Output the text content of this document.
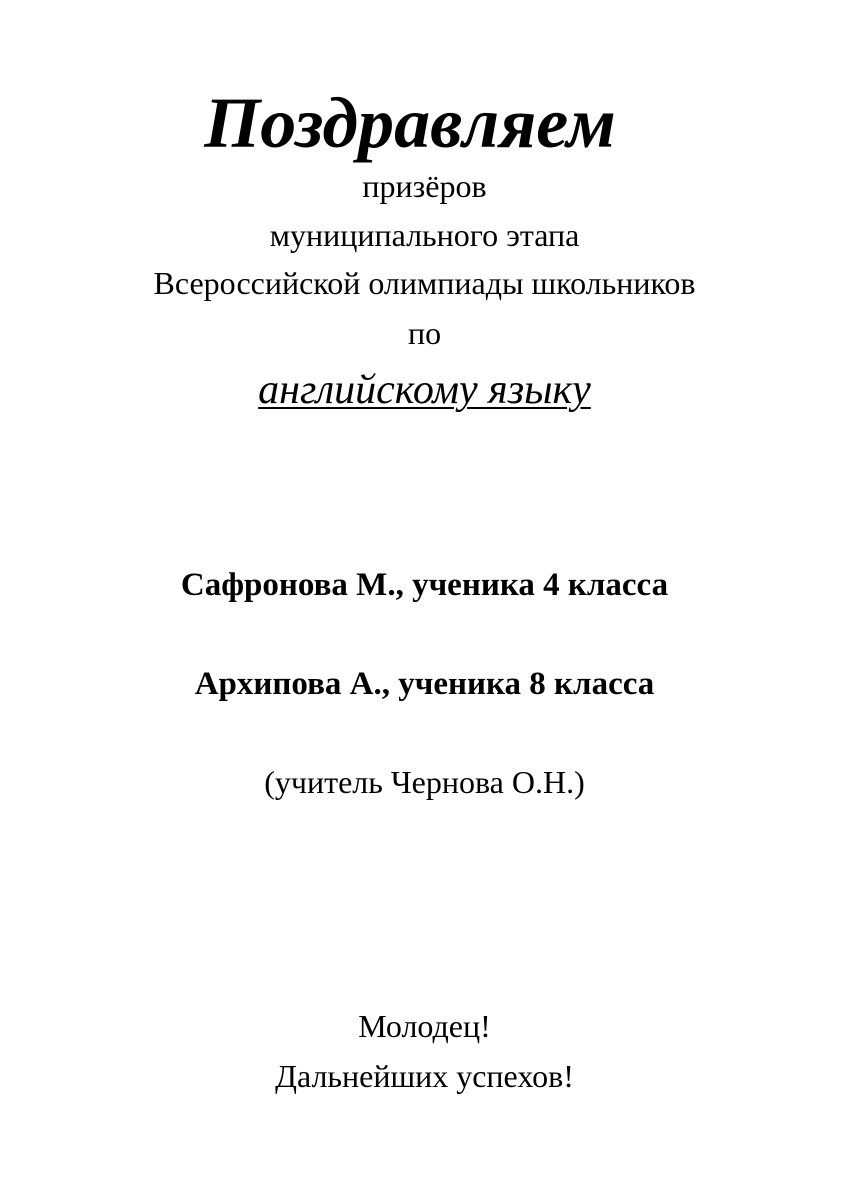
Поздравляем
призёров
муниципального этапа
Всероссийской олимпиады школьников
по
английскому языку
Сафронова М., ученика 4 класса
Архипова А., ученика 8 класса
(учитель Чернова О.Н.)
Молодец!
Дальнейших успехов!
